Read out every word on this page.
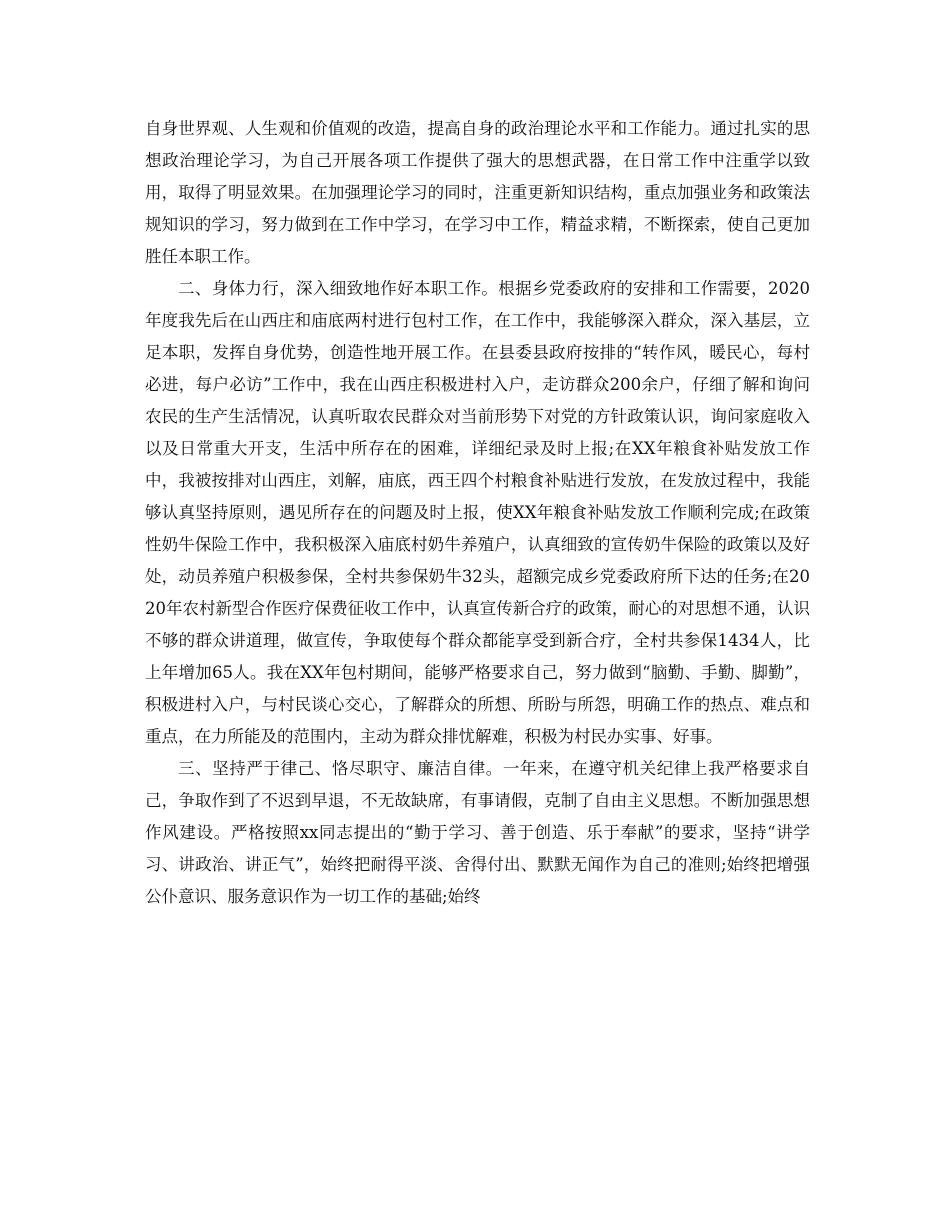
自身世界观、人生观和价值观的改造，提高自身的政治理论水平和工作能力。通过扎实的思想政治理论学习，为自己开展各项工作提供了强大的思想武器，在日常工作中注重学以致用，取得了明显效果。在加强理论学习的同时，注重更新知识结构，重点加强业务和政策法规知识的学习，努力做到在工作中学习，在学习中工作，精益求精，不断探索，使自己更加胜任本职工作。

二、身体力行，深入细致地作好本职工作。根据乡党委政府的安排和工作需要，2020年度我先后在山西庄和庙底两村进行包村工作，在工作中，我能够深入群众，深入基层，立足本职，发挥自身优势，创造性地开展工作。在县委县政府按排的“转作风，暖民心，每村必进，每户必访”工作中，我在山西庄积极进村入户，走访群众200余户，仔细了解和询问农民的生产生活情况，认真听取农民群众对当前形势下对党的方针政策认识，询问家庭收入以及日常重大开支，生活中所存在的困难，详细纪录及时上报;在XX年粮食补贴发放工作中，我被按排对山西庄，刘解，庙底，西王四个村粮食补贴进行发放，在发放过程中，我能够认真坚持原则，遇见所存在的问题及时上报，使XX年粮食补贴发放工作顺利完成;在政策性奶牛保险工作中，我积极深入庙底村奶牛养殖户，认真细致的宣传奶牛保险的政策以及好处，动员养殖户积极参保，全村共参保奶牛32头，超额完成乡党委政府所下达的任务;在2020年农村新型合作医疗保费征收工作中，认真宣传新合疗的政策，耐心的对思想不通，认识不够的群众讲道理，做宣传，争取使每个群众都能享受到新合疗，全村共参保1434人，比上年增加65人。我在XX年包村期间，能够严格要求自己，努力做到“脑勤、手勤、脚勤”，积极进村入户，与村民谈心交心，了解群众的所想、所盼与所怨，明确工作的热点、难点和重点，在力所能及的范围内，主动为群众排忧解难，积极为村民办实事、好事。

三、坚持严于律己、恪尽职守、廉洁自律。一年来，在遵守机关纪律上我严格要求自己，争取作到了不迟到早退，不无故缺席，有事请假，克制了自由主义思想。不断加强思想作风建设。严格按照xx同志提出的“勤于学习、善于创造、乐于奉献”的要求，坚持“讲学习、讲政治、讲正气”，始终把耐得平淡、舍得付出、默默无闻作为自己的准则;始终把增强公仆意识、服务意识作为一切工作的基础;始终
